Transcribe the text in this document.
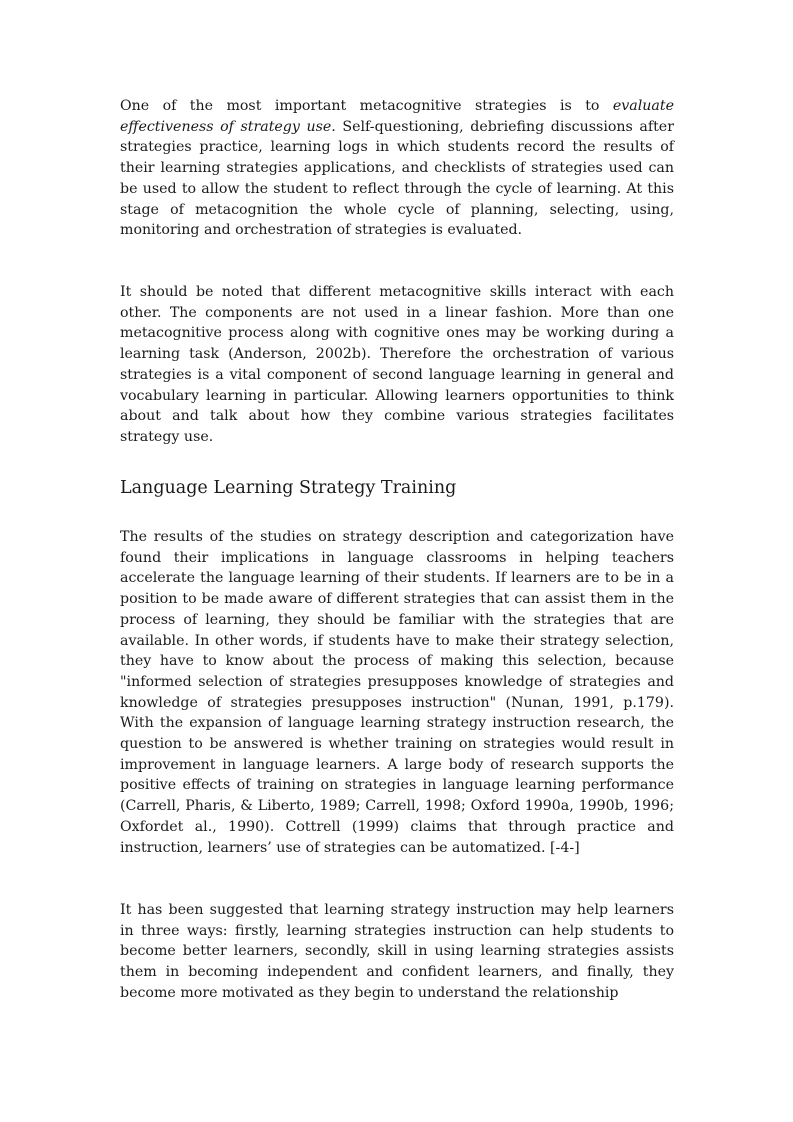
One of the most important metacognitive strategies is to evaluate effectiveness of strategy use. Self-questioning, debriefing discussions after strategies practice, learning logs in which students record the results of their learning strategies applications, and checklists of strategies used can be used to allow the student to reflect through the cycle of learning. At this stage of metacognition the whole cycle of planning, selecting, using, monitoring and orchestration of strategies is evaluated.

It should be noted that different metacognitive skills interact with each other. The components are not used in a linear fashion. More than one metacognitive process along with cognitive ones may be working during a learning task (Anderson, 2002b). Therefore the orchestration of various strategies is a vital component of second language learning in general and vocabulary learning in particular. Allowing learners opportunities to think about and talk about how they combine various strategies facilitates strategy use.

Language Learning Strategy Training

The results of the studies on strategy description and categorization have found their implications in language classrooms in helping teachers accelerate the language learning of their students. If learners are to be in a position to be made aware of different strategies that can assist them in the process of learning, they should be familiar with the strategies that are available. In other words, if students have to make their strategy selection, they have to know about the process of making this selection, because "informed selection of strategies presupposes knowledge of strategies and knowledge of strategies presupposes instruction" (Nunan, 1991, p.179). With the expansion of language learning strategy instruction research, the question to be answered is whether training on strategies would result in improvement in language learners. A large body of research supports the positive effects of training on strategies in language learning performance (Carrell, Pharis, & Liberto, 1989; Carrell, 1998; Oxford 1990a, 1990b, 1996; Oxfordet al., 1990). Cottrell (1999) claims that through practice and instruction, learners’ use of strategies can be automatized. [-4-]

It has been suggested that learning strategy instruction may help learners in three ways: firstly, learning strategies instruction can help students to become better learners, secondly, skill in using learning strategies assists them in becoming independent and confident learners, and finally, they become more motivated as they begin to understand the relationship
